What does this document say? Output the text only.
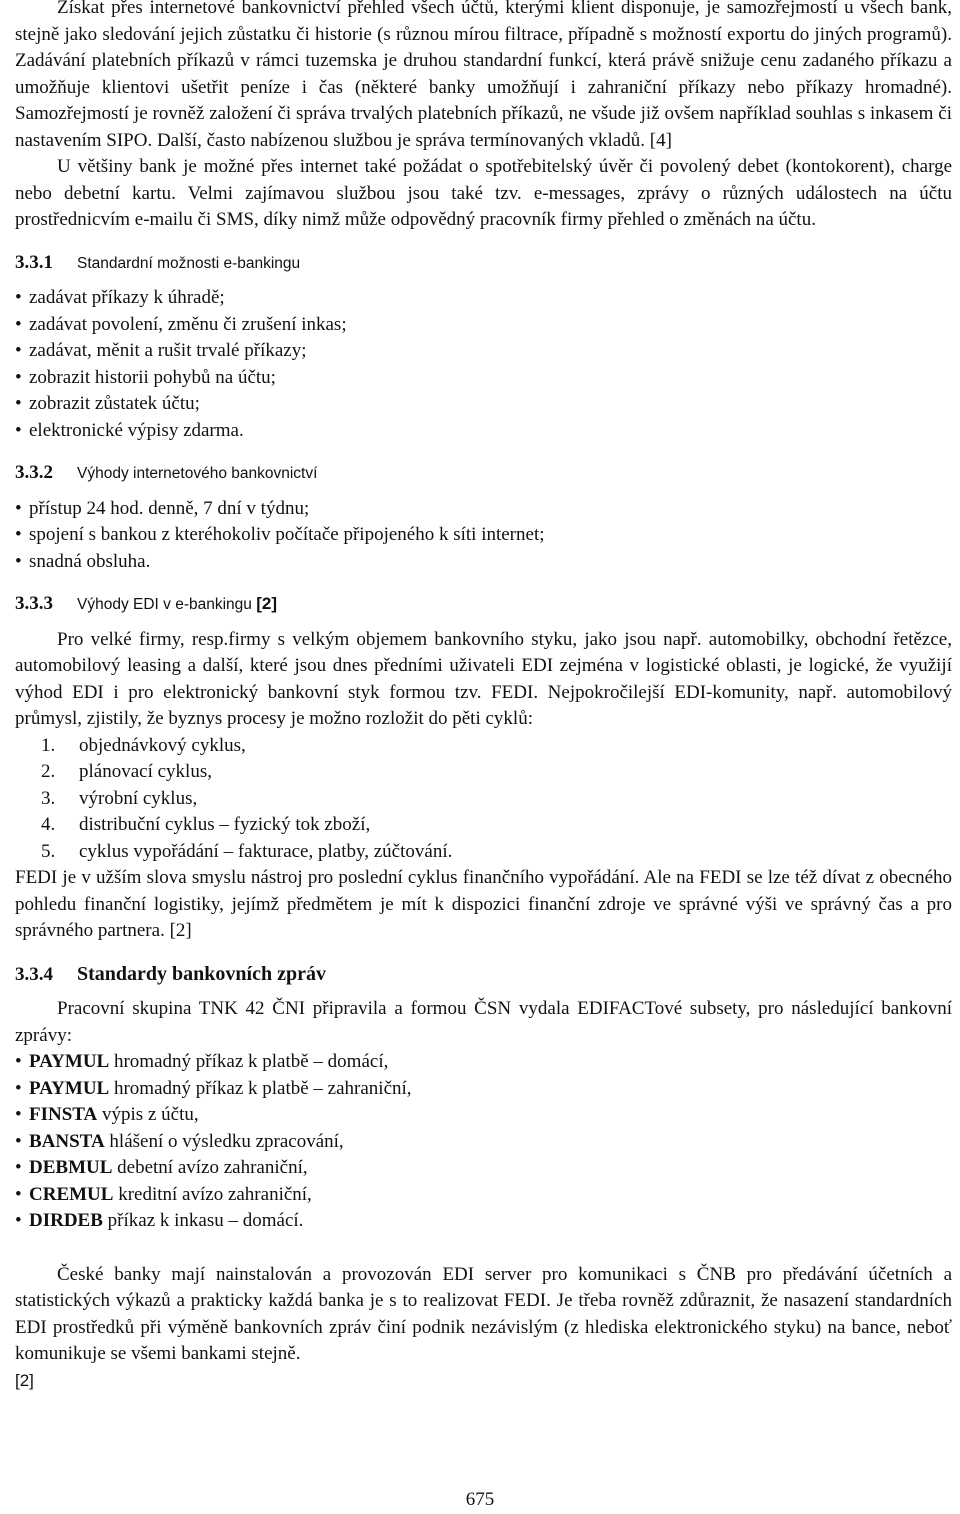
Získat přes internetové bankovnictví přehled všech účtů, kterými klient disponuje, je samozřejmostí u všech bank, stejně jako sledování jejich zůstatku či historie (s různou mírou filtrace, případně s možností exportu do jiných programů). Zadávání platebních příkazů v rámci tuzemska je druhou standardní funkcí, která právě snižuje cenu zadaného příkazu a umožňuje klientovi ušetřit peníze i čas (některé banky umožňují i zahraniční příkazy nebo příkazy hromadné). Samozřejmostí je rovněž založení či správa trvalých platebních příkazů, ne všude již ovšem například souhlas s inkasem či nastavením SIPO. Další, často nabízenou službou je správa termínovaných vkladů. [4]

U většiny bank je možné přes internet také požádat o spotřebitelský úvěr či povolený debet (kontokorent), charge nebo debetní kartu. Velmi zajímavou službou jsou také tzv. e-messages, zprávy o různých událostech na účtu prostřednicvím e-mailu či SMS, díky nimž může odpovědný pracovník firmy přehled o změnách na účtu.

3.3.1	Standardní možnosti e-bankingu
• zadávat příkazy k úhradě;
• zadávat povolení, změnu či zrušení inkas;
• zadávat, měnit a rušit trvalé příkazy;
• zobrazit historii pohybů na účtu;
• zobrazit zůstatek účtu;
• elektronické výpisy zdarma.
3.3.2	Výhody internetového bankovnictví
• přístup 24 hod. denně, 7 dní v týdnu;
• spojení s bankou z kteréhokoliv počítače připojeného k síti internet;
• snadná obsluha.
3.3.3	Výhody EDI v e-bankingu [2]

Pro velké firmy, resp.firmy s velkým objemem bankovního styku, jako jsou např. automobilky, obchodní řetězce, automobilový leasing a další, které jsou dnes předními uživateli EDI zejména v logistické oblasti, je logické, že využijí výhod EDI i pro elektronický bankovní styk formou tzv. FEDI. Nejpokročilejší EDI-komunity, např. automobilový průmysl, zjistily, že byznys procesy je možno rozložit do pěti cyklů:

1.	objednávkový cyklus,
2.	plánovací cyklus,
3.	výrobní cyklus,
4.	distribuční cyklus – fyzický tok zboží,
5.	cyklus vypořádání – fakturace, platby, zúčtování.

FEDI je v užším slova smyslu nástroj pro poslední cyklus finančního vypořádání. Ale na FEDI se lze též dívat z obecného pohledu finanční logistiky, jejímž předmětem je mít k dispozici finanční zdroje ve správné výši ve správný čas a pro správného partnera. [2]

3.3.4	Standardy bankovních zpráv

Pracovní skupina TNK 42 ČNI připravila a formou ČSN vydala EDIFACTové subsety, pro následující bankovní zprávy:

• PAYMUL hromadný příkaz k platbě – domácí,
• PAYMUL hromadný příkaz k platbě – zahraniční,
• FINSTA výpis z účtu,
• BANSTA hlášení o výsledku zpracování,
• DEBMUL debetní avízo zahraniční,
• CREMUL kreditní avízo zahraniční,
• DIRDEB příkaz k inkasu – domácí.

České banky mají nainstalován a provozován EDI server pro komunikaci s ČNB pro předávání účetních a statistických výkazů a prakticky každá banka je s to realizovat FEDI. Je třeba rovněž zdůraznit, že nasazení standardních EDI prostředků při výměně bankovních zpráv činí podnik nezávislým (z hlediska elektronického styku) na bance, neboť komunikuje se všemi bankami stejně.
[2]

675
